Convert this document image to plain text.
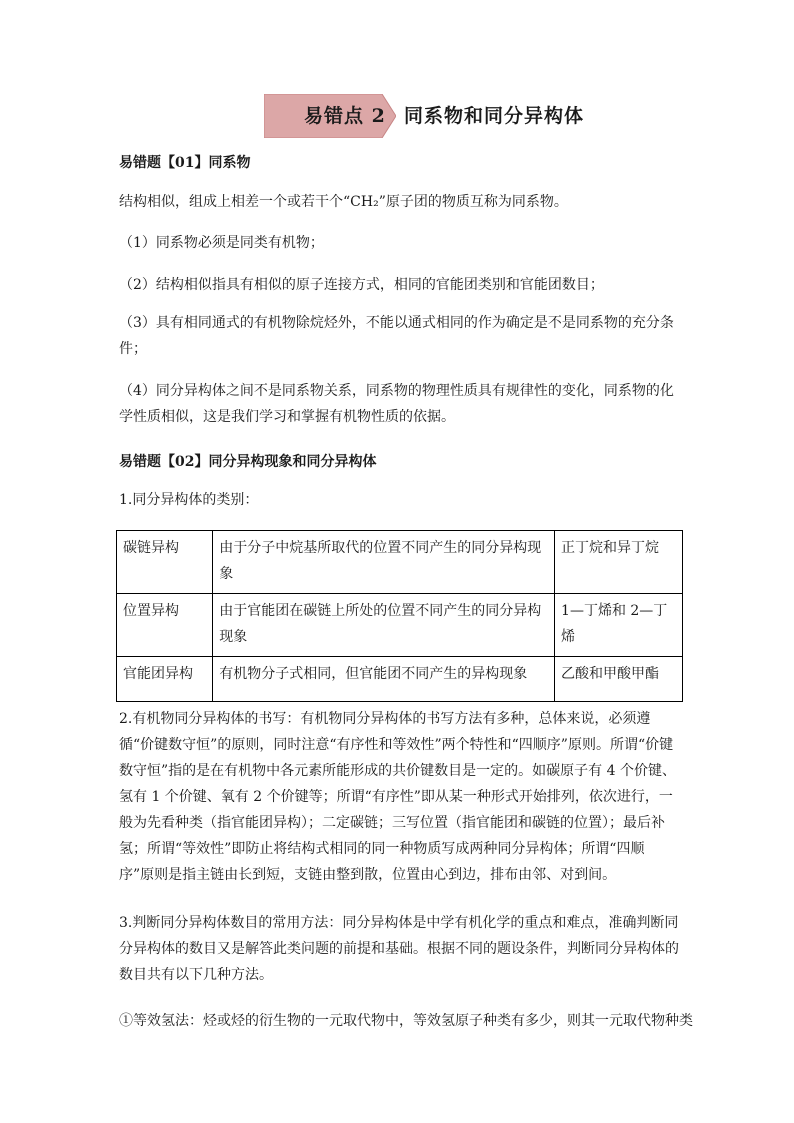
易错点 2 同系物和同分异构体
易错题【01】同系物
结构相似，组成上相差一个或若干个“CH₂”原子团的物质互称为同系物。
（1）同系物必须是同类有机物；
（2）结构相似指具有相似的原子连接方式，相同的官能团类别和官能团数目；
（3）具有相同通式的有机物除烷烃外，不能以通式相同的作为确定是不是同系物的充分条件；
（4）同分异构体之间不是同系物关系，同系物的物理性质具有规律性的变化，同系物的化学性质相似，这是我们学习和掌握有机物性质的依据。
易错题【02】同分异构现象和同分异构体
1.同分异构体的类别：
碳链异构	由于分子中烷基所取代的位置不同产生的同分异构现象	正丁烷和异丁烷
位置异构	由于官能团在碳链上所处的位置不同产生的同分异构现象	1—丁烯和 2—丁烯
官能团异构	有机物分子式相同，但官能团不同产生的异构现象	乙酸和甲酸甲酯
2.有机物同分异构体的书写：有机物同分异构体的书写方法有多种，总体来说，必须遵循“价键数守恒”的原则，同时注意“有序性和等效性”两个特性和“四顺序”原则。所谓“价键数守恒”指的是在有机物中各元素所能形成的共价键数目是一定的。如碳原子有 4 个价键、氢有 1 个价键、氧有 2 个价键等；所谓“有序性”即从某一种形式开始排列，依次进行，一般为先看种类（指官能团异构）；二定碳链；三写位置（指官能团和碳链的位置）；最后补氢；所谓“等效性”即防止将结构式相同的同一种物质写成两种同分异构体；所谓“四顺序”原则是指主链由长到短，支链由整到散，位置由心到边，排布由邻、对到间。
3.判断同分异构体数目的常用方法：同分异构体是中学有机化学的重点和难点，准确判断同分异构体的数目又是解答此类问题的前提和基础。根据不同的题设条件，判断同分异构体的数目共有以下几种方法。
①等效氢法：烃或烃的衍生物的一元取代物中，等效氢原子种类有多少，则其一元取代物种类
